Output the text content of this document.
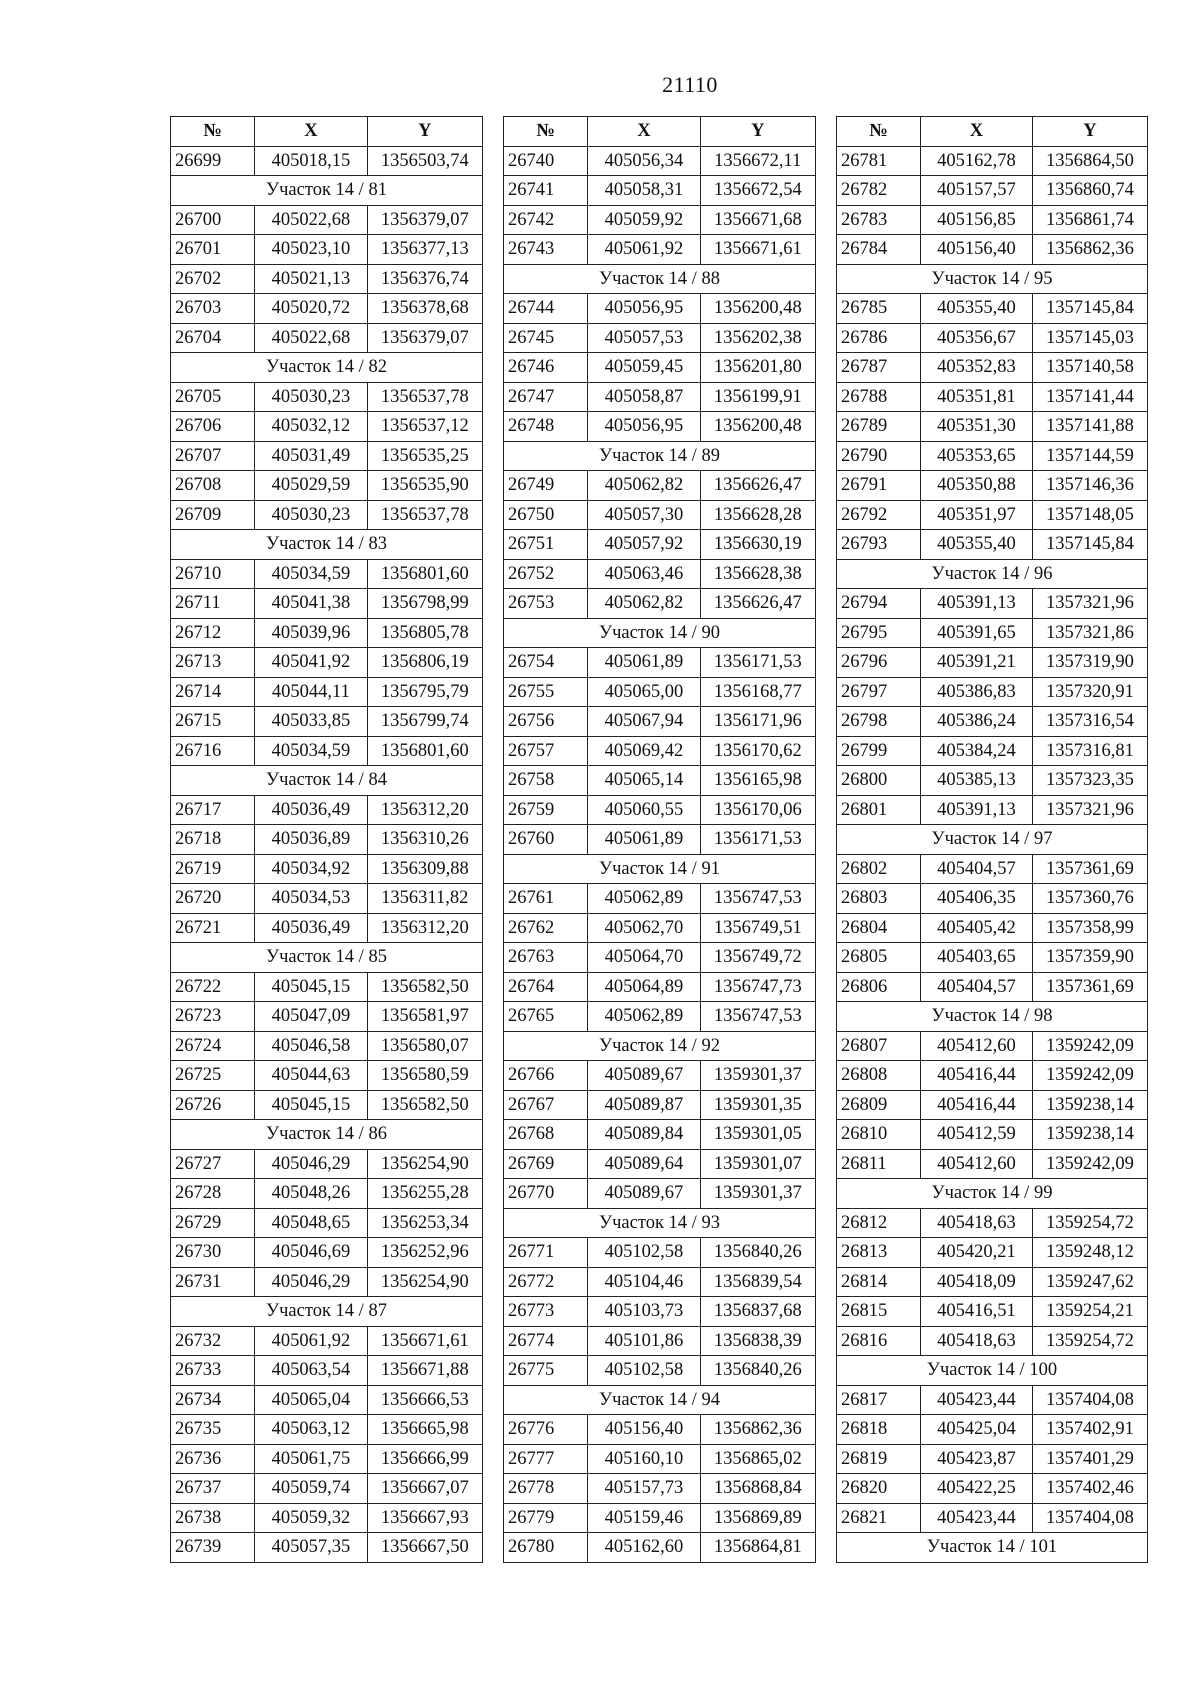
21110
№	X	Y
26699	405018,15	1356503,74
Участок 14 / 81		
26700	405022,68	1356379,07
26701	405023,10	1356377,13
26702	405021,13	1356376,74
26703	405020,72	1356378,68
26704	405022,68	1356379,07
Участок 14 / 82		
26705	405030,23	1356537,78
26706	405032,12	1356537,12
26707	405031,49	1356535,25
26708	405029,59	1356535,90
26709	405030,23	1356537,78
Участок 14 / 83		
26710	405034,59	1356801,60
26711	405041,38	1356798,99
26712	405039,96	1356805,78
26713	405041,92	1356806,19
26714	405044,11	1356795,79
26715	405033,85	1356799,74
26716	405034,59	1356801,60
Участок 14 / 84		
26717	405036,49	1356312,20
26718	405036,89	1356310,26
26719	405034,92	1356309,88
26720	405034,53	1356311,82
26721	405036,49	1356312,20
Участок 14 / 85		
26722	405045,15	1356582,50
26723	405047,09	1356581,97
26724	405046,58	1356580,07
26725	405044,63	1356580,59
26726	405045,15	1356582,50
Участок 14 / 86		
26727	405046,29	1356254,90
26728	405048,26	1356255,28
26729	405048,65	1356253,34
26730	405046,69	1356252,96
26731	405046,29	1356254,90
Участок 14 / 87		
26732	405061,92	1356671,61
26733	405063,54	1356671,88
26734	405065,04	1356666,53
26735	405063,12	1356665,98
26736	405061,75	1356666,99
26737	405059,74	1356667,07
26738	405059,32	1356667,93
26739	405057,35	1356667,50
№	X	Y
26740	405056,34	1356672,11
26741	405058,31	1356672,54
26742	405059,92	1356671,68
26743	405061,92	1356671,61
Участок 14 / 88		
26744	405056,95	1356200,48
26745	405057,53	1356202,38
26746	405059,45	1356201,80
26747	405058,87	1356199,91
26748	405056,95	1356200,48
Участок 14 / 89		
26749	405062,82	1356626,47
26750	405057,30	1356628,28
26751	405057,92	1356630,19
26752	405063,46	1356628,38
26753	405062,82	1356626,47
Участок 14 / 90		
26754	405061,89	1356171,53
26755	405065,00	1356168,77
26756	405067,94	1356171,96
26757	405069,42	1356170,62
26758	405065,14	1356165,98
26759	405060,55	1356170,06
26760	405061,89	1356171,53
Участок 14 / 91		
26761	405062,89	1356747,53
26762	405062,70	1356749,51
26763	405064,70	1356749,72
26764	405064,89	1356747,73
26765	405062,89	1356747,53
Участок 14 / 92		
26766	405089,67	1359301,37
26767	405089,87	1359301,35
26768	405089,84	1359301,05
26769	405089,64	1359301,07
26770	405089,67	1359301,37
Участок 14 / 93		
26771	405102,58	1356840,26
26772	405104,46	1356839,54
26773	405103,73	1356837,68
26774	405101,86	1356838,39
26775	405102,58	1356840,26
Участок 14 / 94		
26776	405156,40	1356862,36
26777	405160,10	1356865,02
26778	405157,73	1356868,84
26779	405159,46	1356869,89
26780	405162,60	1356864,81
№	X	Y
26781	405162,78	1356864,50
26782	405157,57	1356860,74
26783	405156,85	1356861,74
26784	405156,40	1356862,36
Участок 14 / 95		
26785	405355,40	1357145,84
26786	405356,67	1357145,03
26787	405352,83	1357140,58
26788	405351,81	1357141,44
26789	405351,30	1357141,88
26790	405353,65	1357144,59
26791	405350,88	1357146,36
26792	405351,97	1357148,05
26793	405355,40	1357145,84
Участок 14 / 96		
26794	405391,13	1357321,96
26795	405391,65	1357321,86
26796	405391,21	1357319,90
26797	405386,83	1357320,91
26798	405386,24	1357316,54
26799	405384,24	1357316,81
26800	405385,13	1357323,35
26801	405391,13	1357321,96
Участок 14 / 97		
26802	405404,57	1357361,69
26803	405406,35	1357360,76
26804	405405,42	1357358,99
26805	405403,65	1357359,90
26806	405404,57	1357361,69
Участок 14 / 98		
26807	405412,60	1359242,09
26808	405416,44	1359242,09
26809	405416,44	1359238,14
26810	405412,59	1359238,14
26811	405412,60	1359242,09
Участок 14 / 99		
26812	405418,63	1359254,72
26813	405420,21	1359248,12
26814	405418,09	1359247,62
26815	405416,51	1359254,21
26816	405418,63	1359254,72
Участок 14 / 100		
26817	405423,44	1357404,08
26818	405425,04	1357402,91
26819	405423,87	1357401,29
26820	405422,25	1357402,46
26821	405423,44	1357404,08
Участок 14 / 101		
